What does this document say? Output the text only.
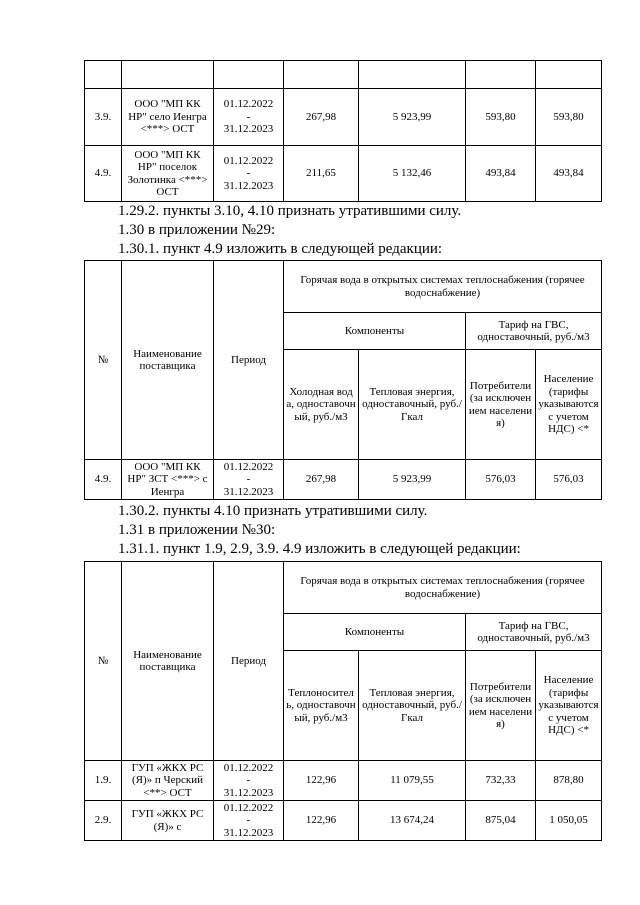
3.9.	ООО "МП КК НР" село Иенгра <***> ОСТ	01.12.2022
-
31.12.2023	267,98	5 923,99	593,80	593,80
4.9.	ООО "МП КК НР" поселок Золотинка <***> ОСТ	01.12.2022
-
31.12.2023	211,65	5 132,46	493,84	493,84
1.29.2. пункты 3.10, 4.10 признать утратившими силу.
1.30 в приложении №29:
1.30.1. пункт 4.9 изложить в следующей редакции:
№	Наименование поставщика	Период	Горячая вода в открытых системах теплоснабжения (горячее водоснабжение)			
			Компоненты		Тариф на ГВС, одноставочный, руб./м3	
			Холодная вода, одноставочный, руб./м3	Тепловая энергия, одноставочный, руб./Гкал	Потребители (за исключением населения)	Население (тарифы указываются с учетом НДС) <*
4.9.	ООО "МП КК НР" ЗСТ <***> с Иенгра	01.12.2022
-
31.12.2023	267,98	5 923,99	576,03	576,03
1.30.2. пункты 4.10 признать утратившими силу.
1.31 в приложении №30:
1.31.1. пункт 1.9, 2.9, 3.9. 4.9 изложить в следующей редакции:
№	Наименование поставщика	Период	Горячая вода в открытых системах теплоснабжения (горячее водоснабжение)			
			Компоненты		Тариф на ГВС, одноставочный, руб./м3	
			Теплоноситель, одноставочный, руб./м3	Тепловая энергия, одноставочный, руб./Гкал	Потребители (за исключением населения)	Население (тарифы указываются с учетом НДС) <*
1.9.	ГУП «ЖКХ РС (Я)» п Черский <**> ОСТ	01.12.2022
-
31.12.2023	122,96	11 079,55	732,33	878,80
2.9.	ГУП «ЖКХ РС (Я)» с	01.12.2022
-
31.12.2023	122,96	13 674,24	875,04	1 050,05
